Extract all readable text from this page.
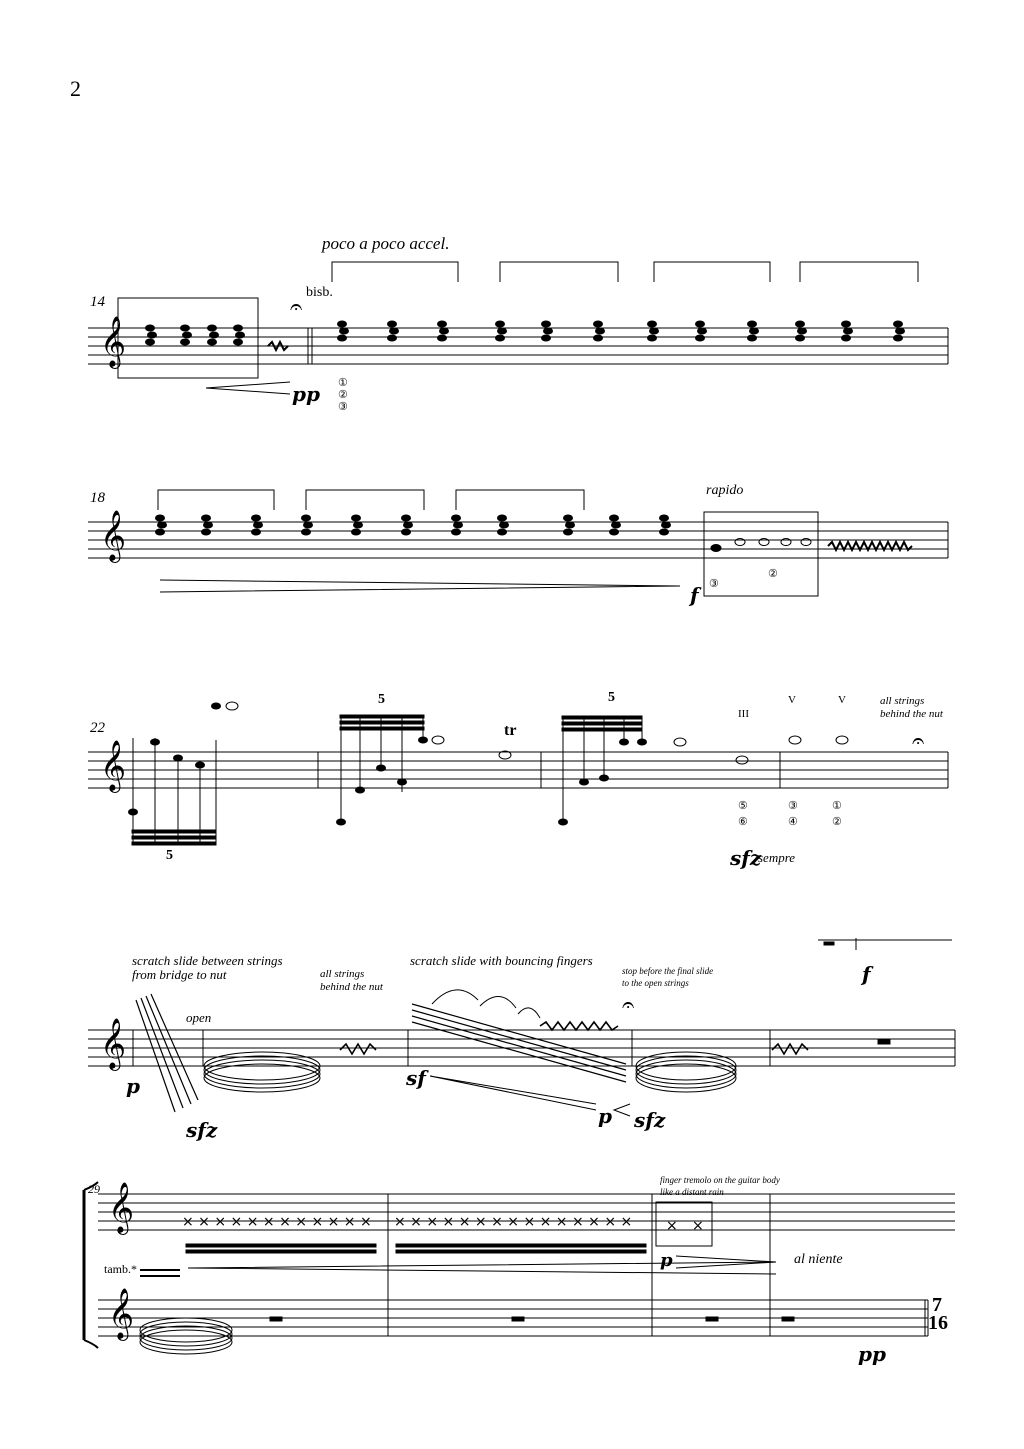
2
𝄞
𝄐
𝄞
𝄞	𝄐
𝄞
𝄐
𝄞
𝄞
× × × × × × × × × × × × × × × × × × × × × × × × × × × × ×
14
poco a poco accel.
bisb.
①
②
③
pp
18	rapido
f ③
②
22
5
5	5
tr
III
V	V
⑤
⑥
③
④
①
②
sfz
sempre
all strings
behind the nut
scratch slide between strings
from bridge to nut
open
all strings
behind the nut
scratch slide with bouncing fingers
stop before the final slide
to the open strings
p
sfz
sf
p sfz
f
29
tamb.*
finger tremolo on the guitar body
like a distant rain
p	al niente
pp
7
16
